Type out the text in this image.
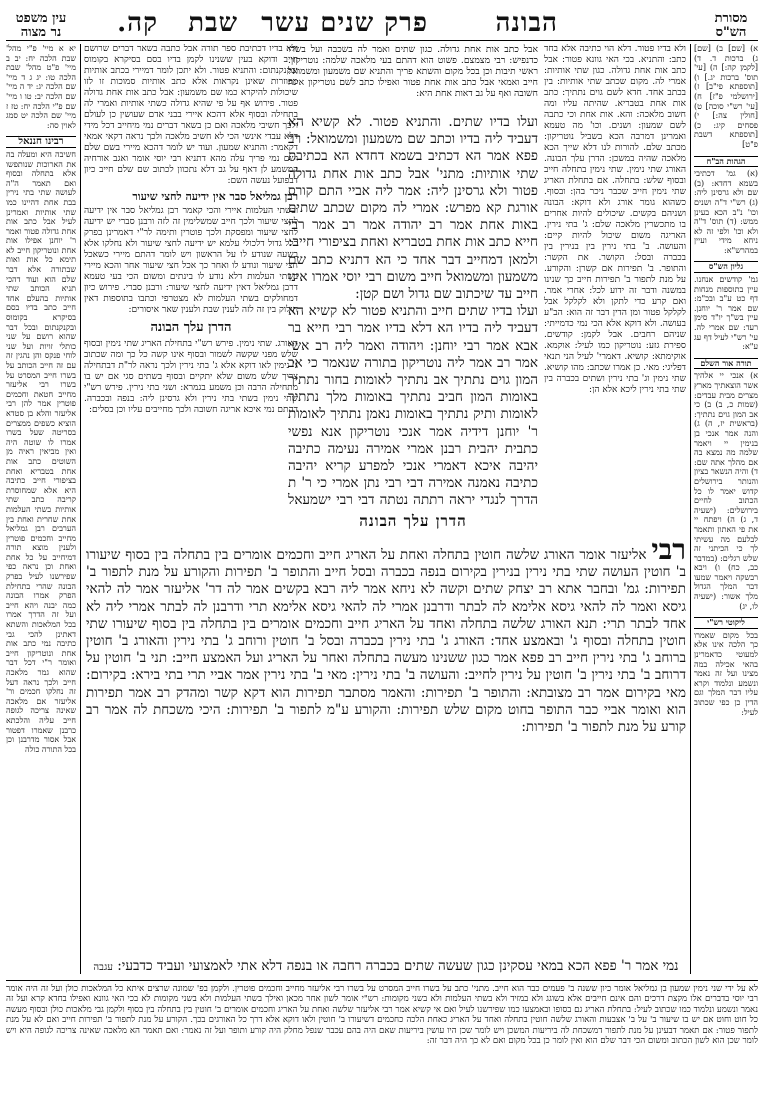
מסורת
הש"ס
הבונה
פרק שנים עשר
שבת
קה.
עין משפט
נר מצוה
א) [שם] ב) [שם] ג) ברכות ד. ד) [לקמן קה:] ה) [עי' תוס' ברכות יג.] ו) [תוספתא פי"ב] ז) [ירושלמי פ"ז] ח) [עי' רש"י סוכה] ט) [חולין צה:] י) פסחים קיג: כ) [תוספתא דשבת פ"ט]
הגהות הב"ח
(א) גמ' דכתיבי בשמא דחדא: (ב) שם ולא גרסינן ליה: (ג) רש"י ד"ה ושנים וכו' נ"ב הכא בעינן ממש: (ד) תוס' ד"ה ולא וכו' ולפי זה לא ניחא מידי ועיין במהרש"א:
גליון הש"ס
גמ' קודשים אנחנו. עיין בתוספות מנחות דף כט ע"ב ובכ"מ: שם אמר ר' יוחנן. עיין בש"ך יו"ד סימן רעד: שם אמרי לה. עי' רש"י לעיל דף עג ע"א:
תורה אור השלם
א) אנכי יי אלהיך אשר הוצאתיך מארץ מצרים מבית עבדים: (שמות כ, ב) ב) כי אב המון גוים נתתיך: (בראשית יז, ה) ג) והנה אמר אנכי בן בנימין יי ויאמר שלמה מה נמצא בה אם מהלך אתה שם: ד) והיה הנשאר בציון והנותר בירושלים קדוש יאמר לו כל הכתוב לחיים בירושלים: (ישעיה ד, ג) ה) ויפתח יי את פי האתון ותאמר לבלעם מה עשיתי לך כי הכיתני זה שלש רגלים: (במדבר כב, כח) ו) ויבא רבשקה ויאמר שמעו דבר המלך הגדול מלך אשור: (ישעיה לו, יג)
ליקוטי רש"י
בכל מקום שאמרו כך הלכה אינו אלא למעוטי כדאמרינן בהאי אכילה במה מצינו ועל זה נאמר ונשמע ונלמוד וקרא עליו דבר המלך וגם הדין כן כפי שכתוב לעיל:
ולא בדיו פטור. דלא הוי כתיבה אלא בחד כתב: והתניא. בכי האי גוונא פטור: אבל כתב אות אחת גדולה. כגון שתי אותיות: אמרי לה. מקום שכתב שתי אותיות: בין בכתב אחד. חדא לשם גוים נתתיך: כתב אות אחת בטבריא. שהיתה עליו ומה חשוב מלאכה: והא. אות אחת וכי כתבה לשם שמעון: ושנים. וכו' מה טעמא ואמרינן דמרבה הכא בשביל נוטריקון: מכתב שלם. להורות לנו דלא שייך הכא מלאכה שהיה במשכן: הדרן עלך הבונה. האורג שתי נימין. שתי נימין בתחלה חייב ובסוף שלש: בתחלה. אם בתחלת האריג שתי נימין חייב שכבר ניכר בהן: ובסוף. כשהוא גומר אורג ולא דוקא: הבונה ושניהם בקשים. שיכולים להיות אחרים בו מתכשרין מלאכה שלם: ג' בתי נירין. האריגה משום שיכול להיות קיים: והעושה. ב' בתי נירין בין בנירין בין בכברה ובסל: הקושר. את הקשר: והתופר. ב' תפירות אם קשרן: והקורע. על מנת לתפור ב' תפירות חייב כך שנינו במשנה ודבר זה ידוע לכל: אחרי אמר. ואם קרע כדי לתקן ולא לקלקל אבל לקלקל פטור ומן הדין דבר זה הוא: הב"ע בעושה. ולא דוקא אלא הכי נמי כדמייתי: שניהם רחבים. אבל לקמן: קודשים. ספירת גזע: נוטריקון כמו לעיל: אוקמא. אוקימתא: קושיא. דאמרי' לעיל הני תנאי דפליגי: מאי. כן אמרו שכתב: מהו קושיא. שתי נימין וג' בתי נירין ושתים בכברה בין שתי בתי נירין ליכא אלא הן:
אבל כתב אות אחת גדולה. כגון שתים ואמר לה בשכבה ועל בשרו כדנפיש: רבי מצמצם. פשוט הוא דהתם בעי מלאכה שלמה: נוטריקון. ראשי תיבות וכן בכל מקום והשתא פריך והתניא שם משמעון ומשמואל חייב ואמאי אבל כתב אות אחת פטור ואפילו כתב לשם נוטריקון אינה חשובה ואף על גב דאות אחת היא:
ולא בדיו דכתיבת ספר תורה אבל כתבה בשאר דברים שרושם חייב ודוקא בעין ששנינו לקמן בדיו בסם בסיקרא בקומוס ובקנקנתום: והתניא פטור. ולא יתכן לומר דמיירי בכתב אותיות מפוזרות שאינן נקראות אלא כתב אותיות סמוכות זו לזו שיכולות להיקרא כמו שם משמעון: אבל כתב אות אחת גדולה פטור. פירוש אף על פי שהיא גדולה כשתי אותיות ואמרי לה בתחילה ובסוף אלא דהכא איירי בבני אדם שעושין כן לעולם ולכך חשיבי מלאכה ואם כן בשאר דברים נמי מיחייב דכל מידי דלא עבדי אינשי הכי לא חשיב מלאכה ולכך נראה דקאי אמאי דקאמר: והתניא שמעון. ועוד יש לומר דהכא מיירי בשם שלם ושם נמי פריך עלה מהא דתניא רבי יוסי אומר ואגב אורחיה קמשמע לן דאף על גב דלא נתכוון לכתוב שם שלם חייב כיון דבפועל נעשה השם:
רבן גמליאל סבר אין ידיעה לחצי שיעור
ובשתי העלמות איירי והכי קאמר רבן גמליאל סבר אין ידיעה לחצי שיעור ולכך חייב שמשלימין זה לזה ורבנן סברי יש ידיעה לחצי שיעור ומפסקת ולכך פוטרין ותימה לר"י דאמרינן בפרק כלל גדול דלכולי עלמא יש ידיעה לחצי שיעור ולא נחלקו אלא בשעה שנודע לו על הראשון ויש לומר דהתם מיירי כשאכל חצי שיעור ונודע לו ואחר כך אכל חצי שיעור אחר והכא מיירי בשתי העלמות דלא נודע לו בינתים ומשום הכי בעי טעמא דרבן גמליאל דאין ידיעה לחצי שיעור: ורבנן סברי. פירוש כיון דמחולקים בשתי העלמות לא מצטרפי וכתבו בתוספות דאין חילוק בין זה לזה לענין שבת ולענין שאר איסורים:
הדרן עלך הבונה
האורג. שתי נימין. פירש רש"י בתחילת האריג שתי נימין ובסוף שלש מפני שקשה לשמור ובסוף אינו קשה כל כך ומה שכתוב ג' נימין לאו דוקא אלא ג' בתי נירין ולכך נראה לר"ת דבתחילה צריך שלש משום שלא יתקיים ובסוף בשתים סגי אם יש בו מתחילה הרבה וכן משמע בגמרא: ושני בתי נירין. פירש רש"י שתי נימין בשתי בתי נירין ולא גרסינן ליה: בנפה ובכברה. דהתם נמי איכא אריגה חשובה ולכך מחייבים עליו וכן בסלים:
ועלו בדיו שתים. והתניא פטור. לא קשיא הא דעביד ליה בדיו וכתב שם משמעון ומשמואל: רב פפא אמר הא דכתיב בשמא דחדא הא בכתיבת שתי אותיות: מתני' אבל כתב אות אחת גדולה פטור ולא גרסינן ליה: אמר ליה אביי התם קורס אורגת קא מפרש: אמרי לה מקום שכתב שתים באות אחת אמר רב יהודה אמר רב אמר רבי חייא כתב אות אחת בטבריא ואחת בציפורי חייב: ולמאן דמחייב דבר אחד כי הא דתניא כתב שם משמעון ומשמואל חייב משום רבי יוסי אמרו אינו חייב עד שיכתוב שם גדול ושם קטן:
ועלו בדיו שתים חייב והתניא פטור לא קשיא הא דעביד ליה בדיו הא דלא בדיו אמר רבי חייא בר אבא אמר רבי יוחנן: ויהודה ואמר ליה רב אשי אמר רב אמר ליה נוטריקון בתורה שנאמר כי אב המון גוים נתתיך אב נתתיך לאומות בחור נתתיך באומות המון חביב נתתיך באומות מלך נתתיך לאומות ותיק נתתיך באומות נאמן נתתיך לאומות ר' יוחנן דידיה אמר אנכי נוטריקון אנא נפשי כתבית יהבית רבנן אמרי אמירה נעימה כתיבה יהיבה איכא דאמרי אנכי למפרע קריא יהיבה כתיבה נאמנה אמירה דבי רבי נתן אמרי כי ר' ת הדרך לנגדי יראה רתתה נטתה דבי רבי ישמעאל
הדרן עלך הבונה
רבי אליעזר אומר האורג שלשה חוטין בתחלה ואחת על האריג חייב וחכמים אומרים בין בתחלה בין בסוף שיעורו ב' חוטין העושה שתי בתי נירין בנירין בקירום בנפה בכברה ובסל חייב והתופר ב' תפירות והקורע על מנת לתפור ב' תפירות: גמ' ובחבר אתא רב יצחק שתים וקשה לא ניחא אמר ליה רבא בקשים אמר לה דר' אליעזר אמר לה להאי גיסא ואמר לה להאי גיסא אלימא לה לבתר ודרבנן אמרי לה להאי גיסא אלימא תרי ודרבנן לה לבתר אמרי ליה לא אחד לבתר תרי: תנא האורג שלשה בתחלה ואחד על האריג חייב וחכמים אומרים בין בתחלה בין בסוף שיעורו שתי חוטין בתחלה ובסוף ג' ובאמצע אחד: האורג ג' בתי נירין בכברה ובסל ב' חוטין ורוחב ג' בתי נירין והאורג ב' חוטין ברוחב ג' בתי נירין חייב רב פפא אמר כגון ששנינו מעשה בתחלה ואחר על האריג ועל האמצע חייב: תני ב' חוטין על דרוחב ב' בתי נירין ב' חוטין על נירין לחייב: והעושה ב' בתי נירין: מאי ב' בתי נירין אמר אביי תרי בתי בירא: בקירום: מאי בקירום אמר רב מצובתא: והתופר ב' תפירות: והאמר מסתבר תפירות הוא דקא קשר ומהדק רב אמר תפירות הוא ואומר אביי כבר התופר בחוט מקום שלש תפירות: והקורע ע"מ לתפור ב' תפירות: היכי משכחת לה אמר רב קורע על מנת לתפור ב' תפירות:
נמי אמר ר' פפא הכא במאי עסקינן כגון שעשה שתים בכברה רחבה או בנפה דלא אתי לאמצועי ועביד כדבעי: עגבה
יא א מיי' פ"י מהל' שבת הלכה יח: יב ב מיי' פ"ט מהל' שבת הלכה טו: יג ג ד מיי' שם הלכה יג: יד ה מיי' שם הלכה יב: טו ו מיי' שם פ"י הלכה יח: טז ז מיי' שם הלכה יט סמג לאוין סה:
רבינו חננאל
חשיבה היא ומעלה בה את הארוכות שנותפשו אלא בתחלה ובסוף ואם תאמר ה"ה לעושה שתי בתי נירין בבת אחת דהיינו כמו שתי אותיות ואמרינן לעיל אבל כתב אות אחת גדולה פטור ואמר ר' יוחנן אפילו אות אחת ונוטריקון חייב לא תימא כל אות ואות שבתורה אלא דבר שלם הוא ועוד דהכי תניא הכותב שתי אותיות בהעלם אחד חייב כתב בדיו בסם בסיקרא בקומוס ובקנקנתום ובכל דבר שהוא רושם על שני כותלי זויות ועל שני לוחי פנקס והן נהגין זה עם זה חייב הכותב על בשרו חייב המסרט על בשרו רבי אליעזר מחייב חטאת וחכמים פוטרין אמר להן רבי אליעזר והלא בן סטדא הוציא כשפים ממצרים בסריטה שעל בשרו אמרו לו שוטה היה ואין מביאין ראיה מן השוטים כתב אות אחת בטבריא ואחת בציפורי חייב כתיבה היא אלא שמחוסרת קריבה כתב שתי אותיות בשתי העלמות אחת שחרית ואחת בין הערבים רבן גמליאל מחייב וחכמים פוטרין ולענין מוצא תורה דמיחייב על כל אחת ואחת וכן נראה כפי שפירשנו לעיל בפרק הבונה שהרי בתחילת הפרק אמרו הבונה כמה יבנה ויהא חייב ועל זה הדרך אמרו בכל המלאכות והשתא דאתינן להכי גבי כתיבה נמי כתב אות אחת ונוטריקון חייב ואומר ר"י דכל דבר שהוא גמר מלאכה חייב ולכך נראה דעל זה נחלקו חכמים ור' אליעזר אם מלאכה שאינה צריכה לגופה חייב עליה והלכתא כרבנן שאמרו דפטור אבל אסור מדרבנן וכן בכל התורה כולה
לא על ידי שני נימין שמעון בן גמליאל אומר כיון ששנה ב' פעמים כבר הוא חייב. מתני' כתב על בשרו חייב המסרט על בשרו רבי אליעזר מחייב וחכמים פוטרין. ולקמן בפ' שמונה שרצים איתא כל המלאכות כולן ועל זה היה אומר רבי יוסי בדברים אלו מקצת דרכים והם אינם חייבים אלא בשוגג ולא במזיד ולא בשתי העלמות ולא בשני מקומות: רש"י אומר לשון אחר מכאן ואילך בשתי העלמות ולא בשני מקומות לא בכי האי גוונא ואפילו בחדא קרא ועל זה נאמר ונשמע ונלמוד כמו שכתוב לעיל: בתחלת האריג גם בסופו ובאמצעו כמו שפירשנו לעיל ואם אי קשיא אמר רבי אליעזר שלשה ואחת על האריג וחכמים אומרים ב' חוטין בין בתחלה בין בסוף ולקמן גבי מלאכות כולן ובסוף מעשה כל חוט וחוט אם יש בו שיעור ב' על ב' אצבעות והאורג שלשה חוטין בתחלה ואחד על האריג כאחת הלכה כחכמים דשיעורו ב' חוטין ולאו דוקא אלא דרך כל האורגים בכך. הקורע על מנת לתפור ב' תפירות חייב ואם לא על מנת לתפור פטור: אם תאמר דבעינן על מנת לתפור דמשכחת לה ביריעות המשכן ויש לומר שכן היו עושין ביריעות שאם היה בהם עכבר שנפל מחלק היה קורע ותופר ועל זה נאמר: ואם תאמר הא מלאכה שאינה צריכה לגופה היא ויש לומר שכן הוא לשון הכתוב ומשום הכי דבר שלם הוא ואין לומר כן בכל מקום ואם לא כך היה דבר זה:
